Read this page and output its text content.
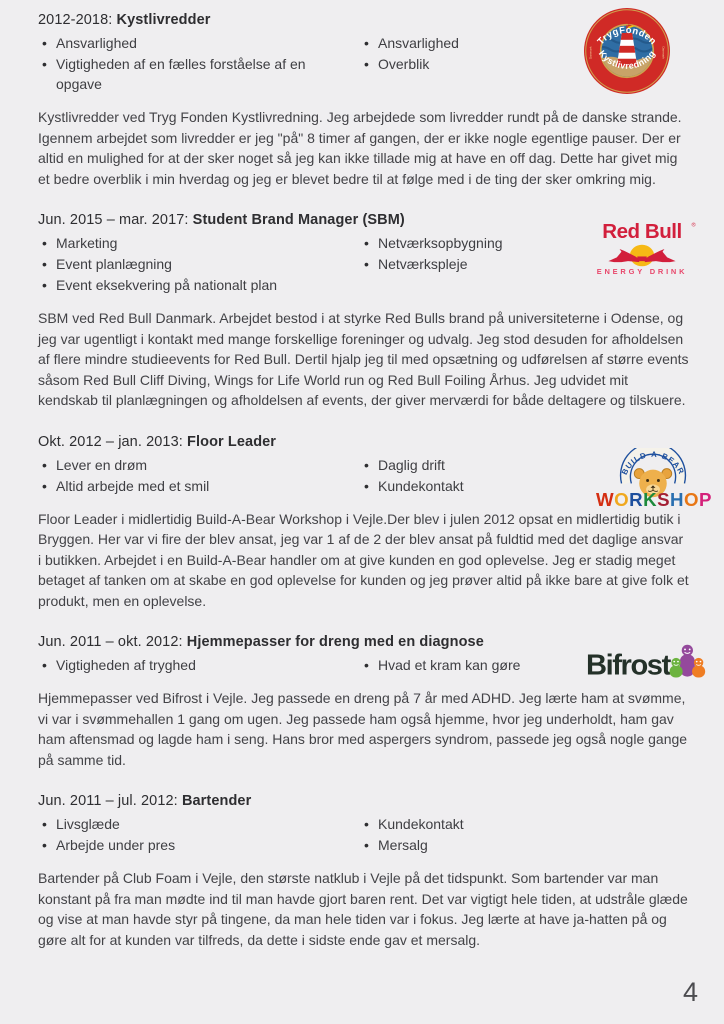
2012-2018: Kystlivredder
• Ansvarlighed
• Vigtigheden af en fælles forståelse af en opgave
• Ansvarlighed
• Overblik
TrygFonden
Kystlivredning
Danmark	Danmark

Kystlivredder ved Tryg Fonden Kystlivredning. Jeg arbejdede som livredder rundt på de danske strande. Igennem arbejdet som livredder er jeg "på" 8 timer af gangen, der er ikke nogle egentlige pauser. Der er altid en mulighed for at der sker noget så jeg kan ikke tillade mig at have en off dag. Dette har givet mig et bedre overblik i min hverdag og jeg er blevet bedre til at følge med i de ting der sker omkring mig.

Jun. 2015 – mar. 2017: Student Brand Manager (SBM)
• Marketing
• Event planlægning
• Event eksekvering på nationalt plan
• Netværksopbygning
• Netværkspleje
Red Bull ®
ENERGY DRINK

SBM ved Red Bull Danmark. Arbejdet bestod i at styrke Red Bulls brand på universiteterne i Odense, og jeg var ugentligt i kontakt med mange forskellige foreninger og udvalg. Jeg stod desuden for afholdelsen af flere mindre studieevents for Red Bull. Dertil hjalp jeg til med opsætning og udførelsen af større events såsom Red Bull Cliff Diving, Wings for Life World run og Red Bull Foiling Århus. Jeg udvidet mit kendskab til planlægningen og afholdelsen af events, der giver merværdi for både deltagere og tilskuere.

Okt. 2012 – jan. 2013: Floor Leader
• Lever en drøm
• Altid arbejde med et smil
• Daglig drift
• Kundekontakt
BUILD·A·BEAR
WORKSHOP

Floor Leader i midlertidig Build-A-Bear Workshop i Vejle.Der blev i julen 2012 opsat en midlertidig butik i Bryggen. Her var vi fire der blev ansat, jeg var 1 af de 2 der blev ansat på fuldtid med det daglige ansvar i butikken. Arbejdet i en Build-A-Bear handler om at give kunden en god oplevelse. Jeg er stadig meget betaget af tanken om at skabe en god oplevelse for kunden og jeg prøver altid på ikke bare at give folk et produkt, men en oplevelse.

Jun. 2011 – okt. 2012: Hjemmepasser for dreng med en diagnose
• Vigtigheden af tryghed	• Hvad et kram kan gøre	Bifrost

Hjemmepasser ved Bifrost i Vejle. Jeg passede en dreng på 7 år med ADHD. Jeg lærte ham at svømme, vi var i svømmehallen 1 gang om ugen. Jeg passede ham også hjemme, hvor jeg underholdt, ham gav ham aftensmad og lagde ham i seng. Hans bror med aspergers syndrom, passede jeg også nogle gange på samme tid.

Jun. 2011 – jul. 2012: Bartender
• Livsglæde
• Arbejde under pres
• Kundekontakt
• Mersalg

Bartender på Club Foam i Vejle, den største natklub i Vejle på det tidspunkt. Som bartender var man konstant på fra man mødte ind til man havde gjort baren rent. Det var vigtigt hele tiden, at udstråle glæde og vise at man havde styr på tingene, da man hele tiden var i fokus. Jeg lærte at have ja-hatten på og gøre alt for at kunden var tilfreds, da dette i sidste ende gav et mersalg.

4
